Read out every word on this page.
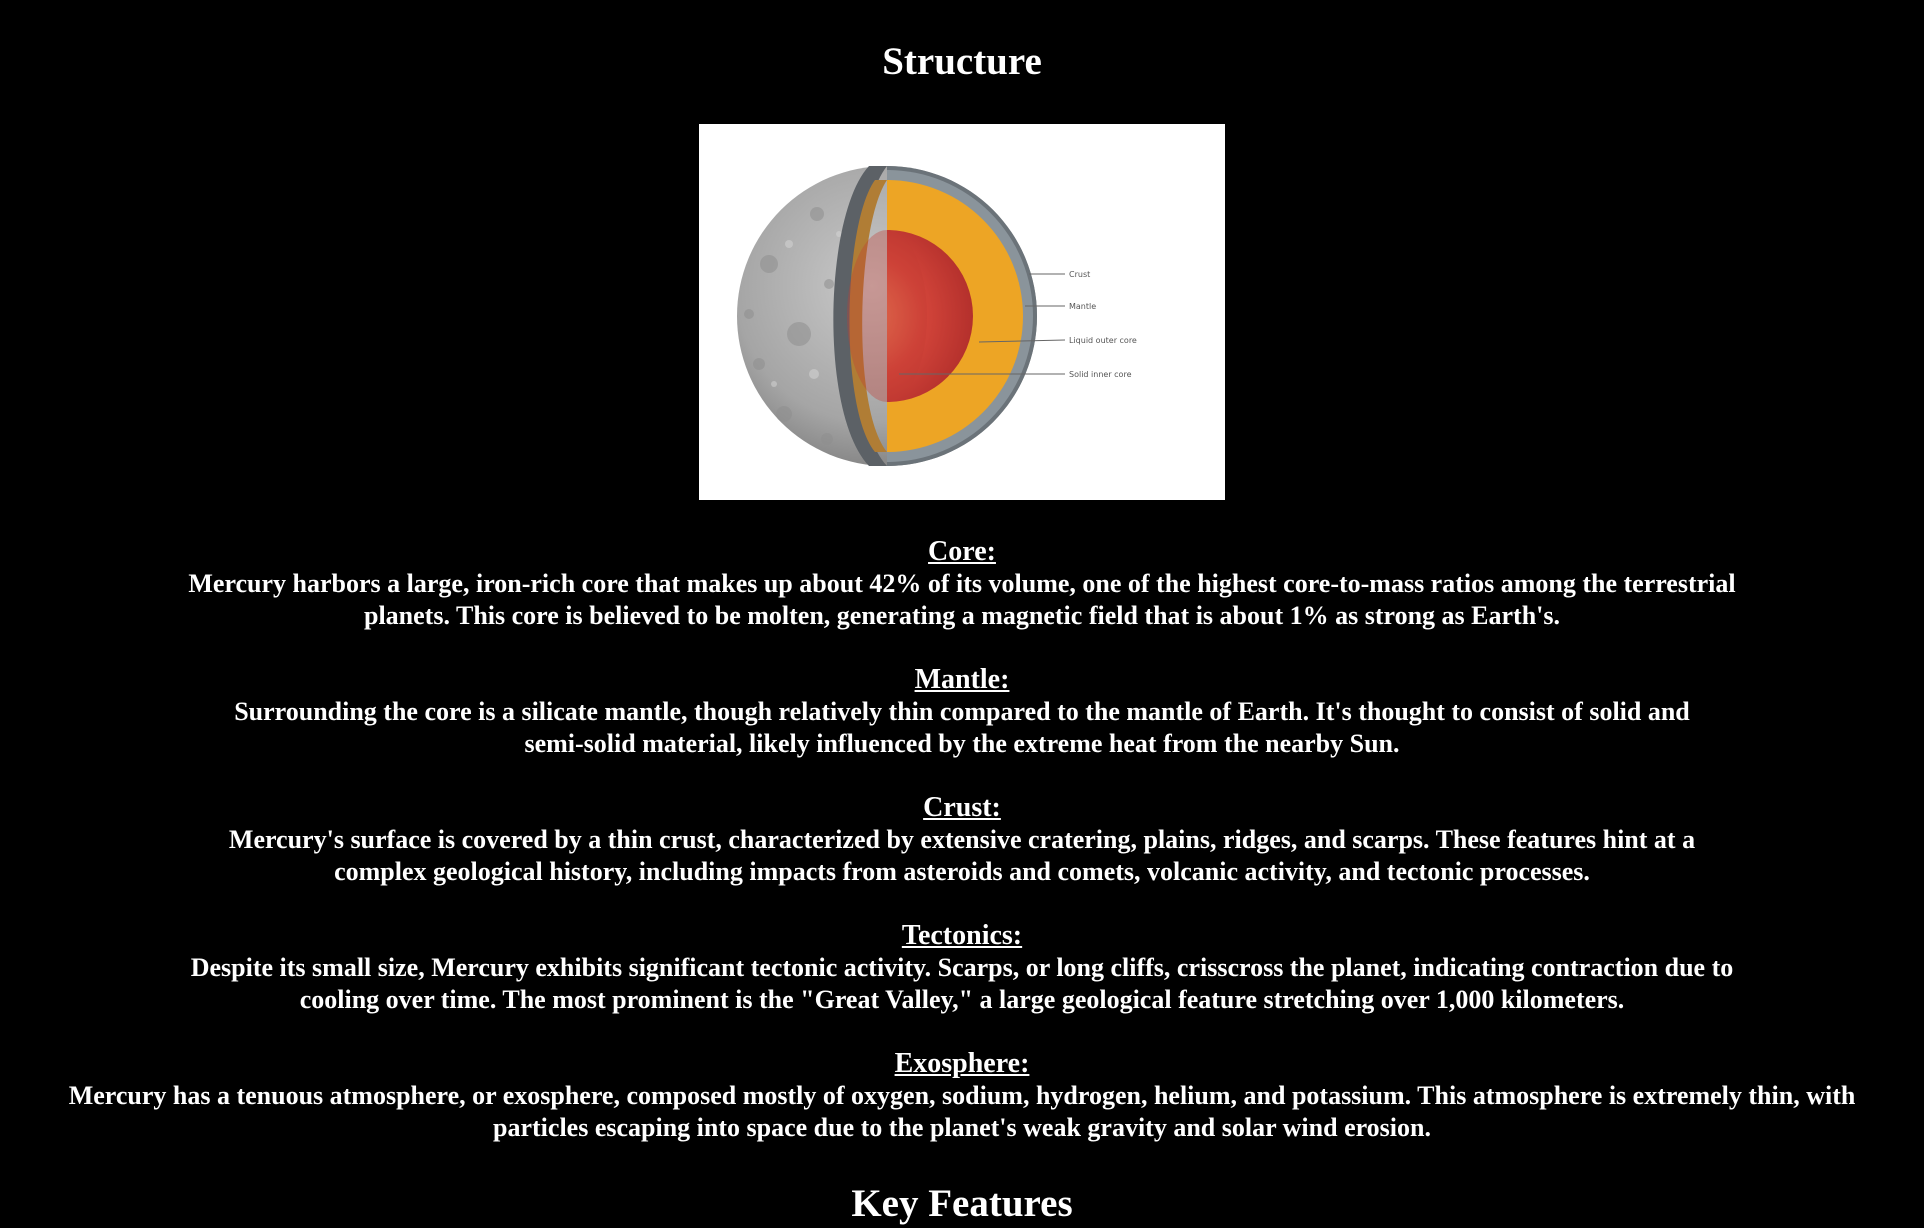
Structure
Crust
Mantle
Liquid outer core
Solid inner core
Core:
Mercury harbors a large, iron-rich core that makes up about 42% of its volume, one of the highest core-to-mass ratios among the terrestrial planets. This core is believed to be molten, generating a magnetic field that is about 1% as strong as Earth's.
Mantle:
Surrounding the core is a silicate mantle, though relatively thin compared to the mantle of Earth. It's thought to consist of solid and semi-solid material, likely influenced by the extreme heat from the nearby Sun.
Crust:
Mercury's surface is covered by a thin crust, characterized by extensive cratering, plains, ridges, and scarps. These features hint at a complex geological history, including impacts from asteroids and comets, volcanic activity, and tectonic processes.
Tectonics:
Despite its small size, Mercury exhibits significant tectonic activity. Scarps, or long cliffs, crisscross the planet, indicating contraction due to cooling over time. The most prominent is the "Great Valley," a large geological feature stretching over 1,000 kilometers.
Exosphere:
Mercury has a tenuous atmosphere, or exosphere, composed mostly of oxygen, sodium, hydrogen, helium, and potassium. This atmosphere is extremely thin, with particles escaping into space due to the planet's weak gravity and solar wind erosion.
Key Features
